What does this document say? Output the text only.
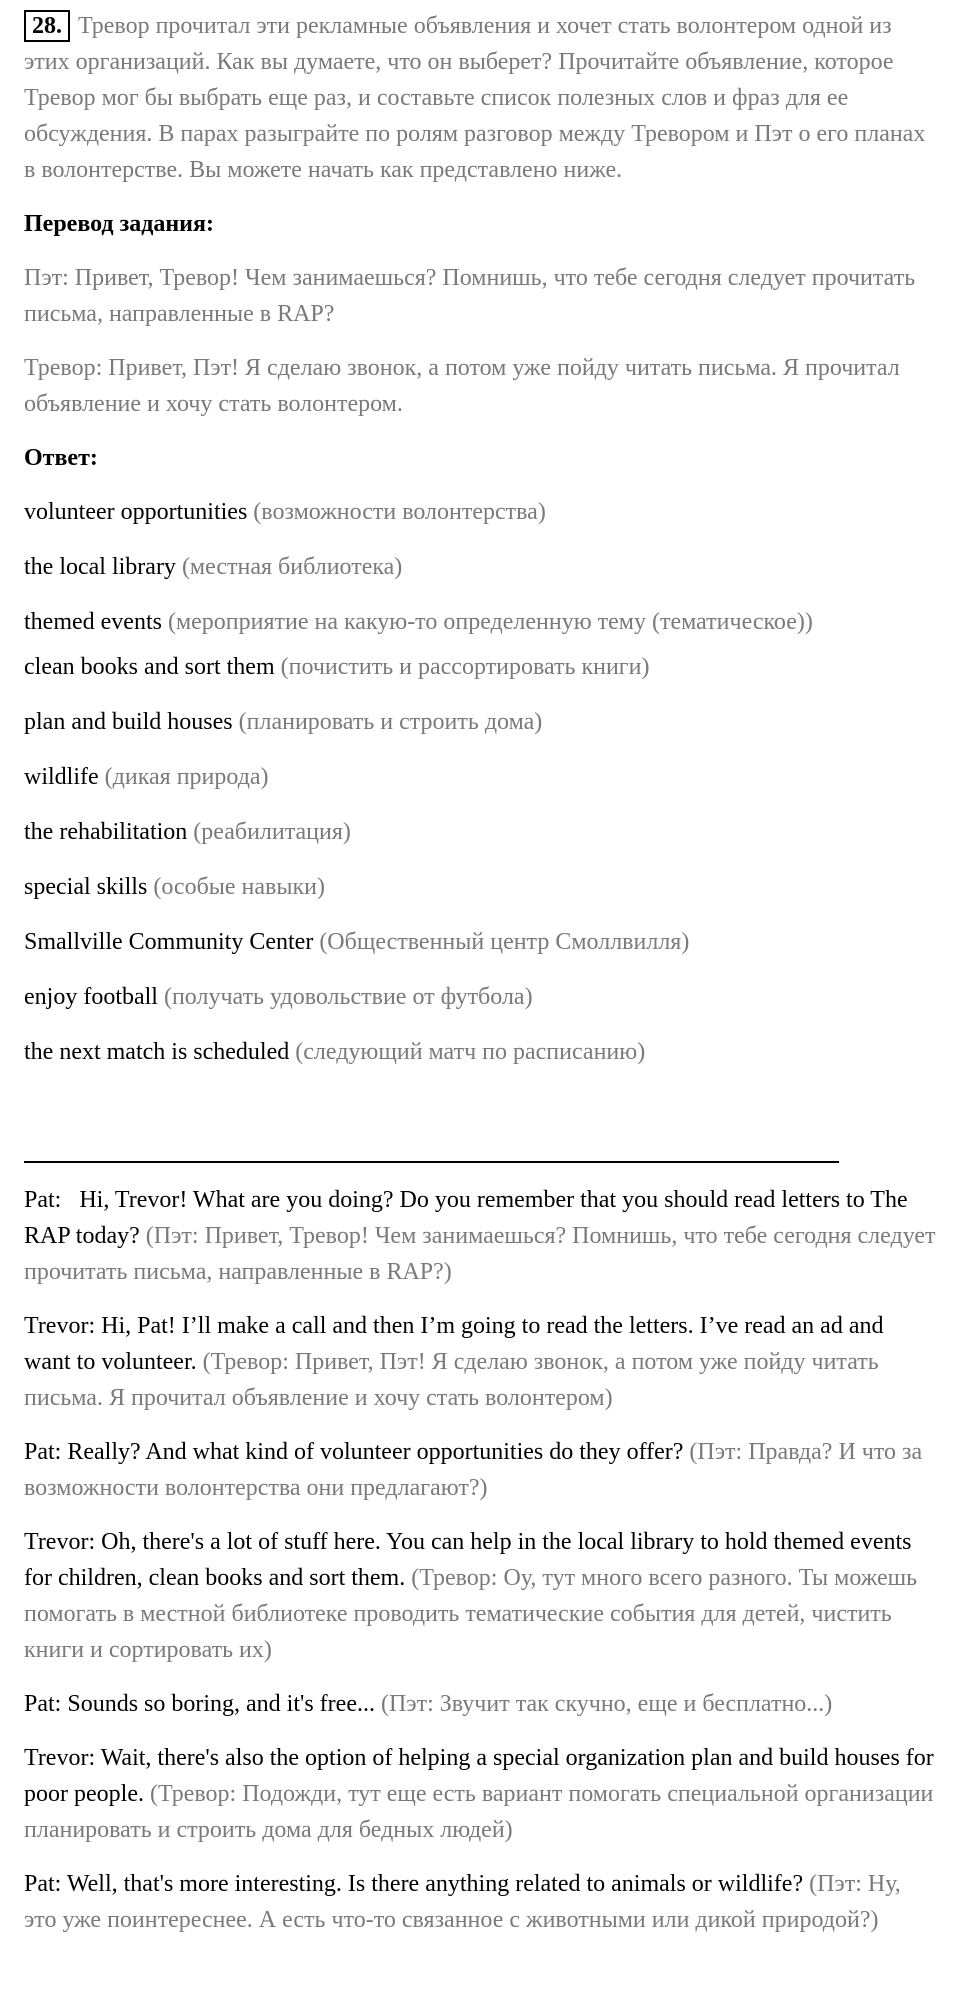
28. Тревор прочитал эти рекламные объявления и хочет стать волонтером одной из этих организаций. Как вы думаете, что он выберет? Прочитайте объявление, которое Тревор мог бы выбрать еще раз, и составьте список полезных слов и фраз для ее обсуждения. В парах разыграйте по ролям разговор между Тревором и Пэт о его планах в волонтерстве. Вы можете начать как представлено ниже.

Перевод задания:

Пэт: Привет, Тревор! Чем занимаешься? Помнишь, что тебе сегодня следует прочитать письма, направленные в RAP?

Тревор: Привет, Пэт! Я сделаю звонок, а потом уже пойду читать письма. Я прочитал объявление и хочу стать волонтером.

Ответ:

volunteer opportunities (возможности волонтерства)

the local library (местная библиотека)

themed events (мероприятие на какую-то определенную тему (тематическое))

clean books and sort them (почистить и рассортировать книги)

plan and build houses (планировать и строить дома)

wildlife (дикая природа)

the rehabilitation (реабилитация)

special skills (особые навыки)

Smallville Community Center (Общественный центр Смоллвилля)

enjoy football (получать удовольствие от футбола)

the next match is scheduled (следующий матч по расписанию)

Pat: Hi, Trevor! What are you doing? Do you remember that you should read letters to The RAP today? (Пэт: Привет, Тревор! Чем занимаешься? Помнишь, что тебе сегодня следует прочитать письма, направленные в RAP?)

Trevor: Hi, Pat! I’ll make a call and then I’m going to read the letters. I’ve read an ad and want to volunteer. (Тревор: Привет, Пэт! Я сделаю звонок, а потом уже пойду читать письма. Я прочитал объявление и хочу стать волонтером)

Pat: Really? And what kind of volunteer opportunities do they offer? (Пэт: Правда? И что за возможности волонтерства они предлагают?)

Trevor: Oh, there's a lot of stuff here. You can help in the local library to hold themed events for children, clean books and sort them. (Тревор: Оу, тут много всего разного. Ты можешь помогать в местной библиотеке проводить тематические события для детей, чистить книги и сортировать их)

Pat: Sounds so boring, and it's free... (Пэт: Звучит так скучно, еще и бесплатно...)

Trevor: Wait, there's also the option of helping a special organization plan and build houses for poor people. (Тревор: Подожди, тут еще есть вариант помогать специальной организации планировать и строить дома для бедных людей)

Pat: Well, that's more interesting. Is there anything related to animals or wildlife? (Пэт: Ну, это уже поинтереснее. А есть что-то связанное с животными или дикой природой?)
